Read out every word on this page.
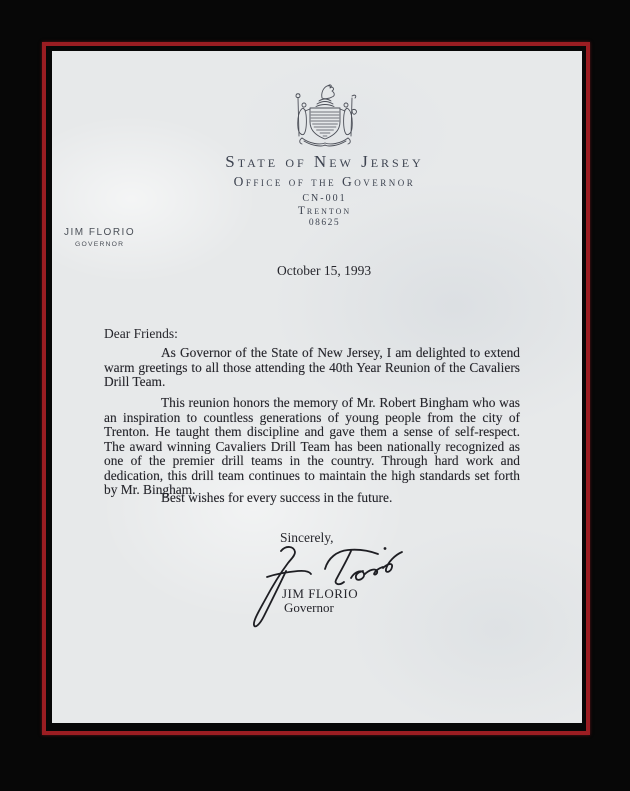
State of New Jersey
Office of the Governor
CN-001
Trenton
08625
JIM FLORIO
GOVERNOR
October 15, 1993
Dear Friends:

As Governor of the State of New Jersey, I am delighted to extend warm greetings to all those attending the 40th Year Reunion of the Cavaliers Drill Team.

This reunion honors the memory of Mr. Robert Bingham who was an inspiration to countless generations of young people from the city of Trenton. He taught them discipline and gave them a sense of self-respect. The award winning Cavaliers Drill Team has been nationally recognized as one of the premier drill teams in the country. Through hard work and dedication, this drill team continues to maintain the high standards set forth by Mr. Bingham.

Best wishes for every success in the future.

Sincerely,
JIM FLORIO
Governor
